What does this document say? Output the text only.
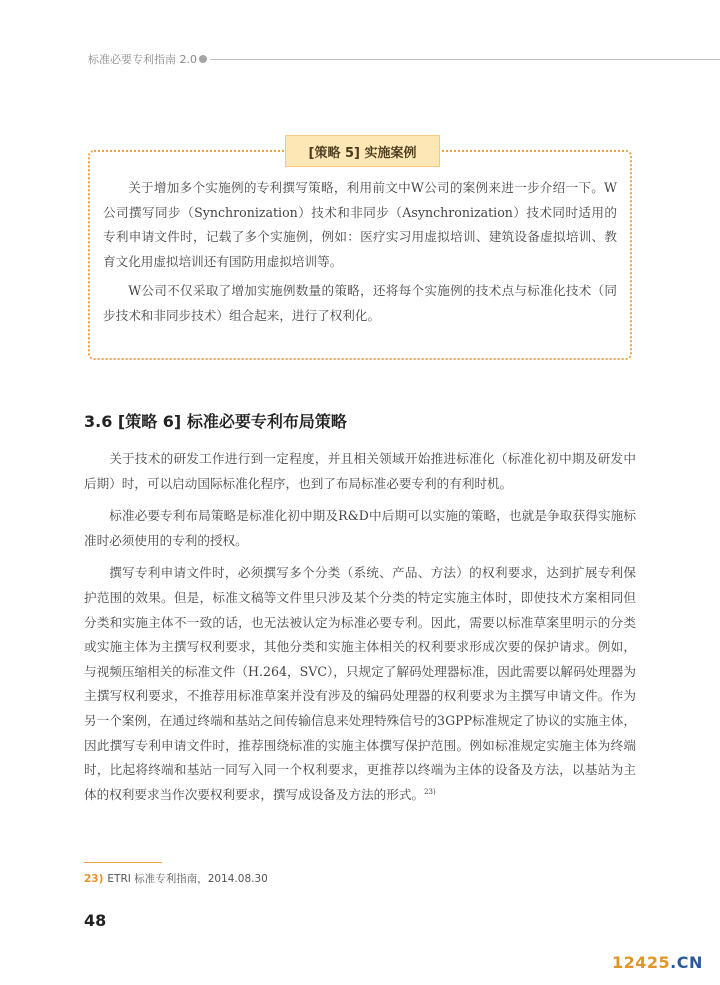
标准必要专利指南 2.0
[策略 5] 实施案例

关于增加多个实施例的专利撰写策略，利用前文中W公司的案例来进一步介绍一下。W公司撰写同步（Synchronization）技术和非同步（Asynchronization）技术同时适用的专利申请文件时，记载了多个实施例，例如：医疗实习用虚拟培训、建筑设备虚拟培训、教育文化用虚拟培训还有国防用虚拟培训等。

W公司不仅采取了增加实施例数量的策略，还将每个实施例的技术点与标准化技术（同步技术和非同步技术）组合起来，进行了权利化。

3.6 [策略 6] 标准必要专利布局策略

关于技术的研发工作进行到一定程度，并且相关领域开始推进标准化（标准化初中期及研发中后期）时，可以启动国际标准化程序，也到了布局标准必要专利的有利时机。

标准必要专利布局策略是标准化初中期及R&D中后期可以实施的策略，也就是争取获得实施标准时必须使用的专利的授权。

撰写专利申请文件时，必须撰写多个分类（系统、产品、方法）的权利要求，达到扩展专利保护范围的效果。但是，标准文稿等文件里只涉及某个分类的特定实施主体时，即使技术方案相同但分类和实施主体不一致的话，也无法被认定为标准必要专利。因此，需要以标准草案里明示的分类或实施主体为主撰写权利要求，其他分类和实施主体相关的权利要求形成次要的保护请求。例如，与视频压缩相关的标准文件（H.264，SVC），只规定了解码处理器标准，因此需要以解码处理器为主撰写权利要求，不推荐用标准草案并没有涉及的编码处理器的权利要求为主撰写申请文件。作为另一个案例，在通过终端和基站之间传输信息来处理特殊信号的3GPP标准规定了协议的实施主体，因此撰写专利申请文件时，推荐围绕标准的实施主体撰写保护范围。例如标准规定实施主体为终端时，比起将终端和基站一同写入同一个权利要求，更推荐以终端为主体的设备及方法，以基站为主体的权利要求当作次要权利要求，撰写成设备及方法的形式。$^{23)}$

23) ETRI 标准专利指南，2014.08.30
48
12425.CN
